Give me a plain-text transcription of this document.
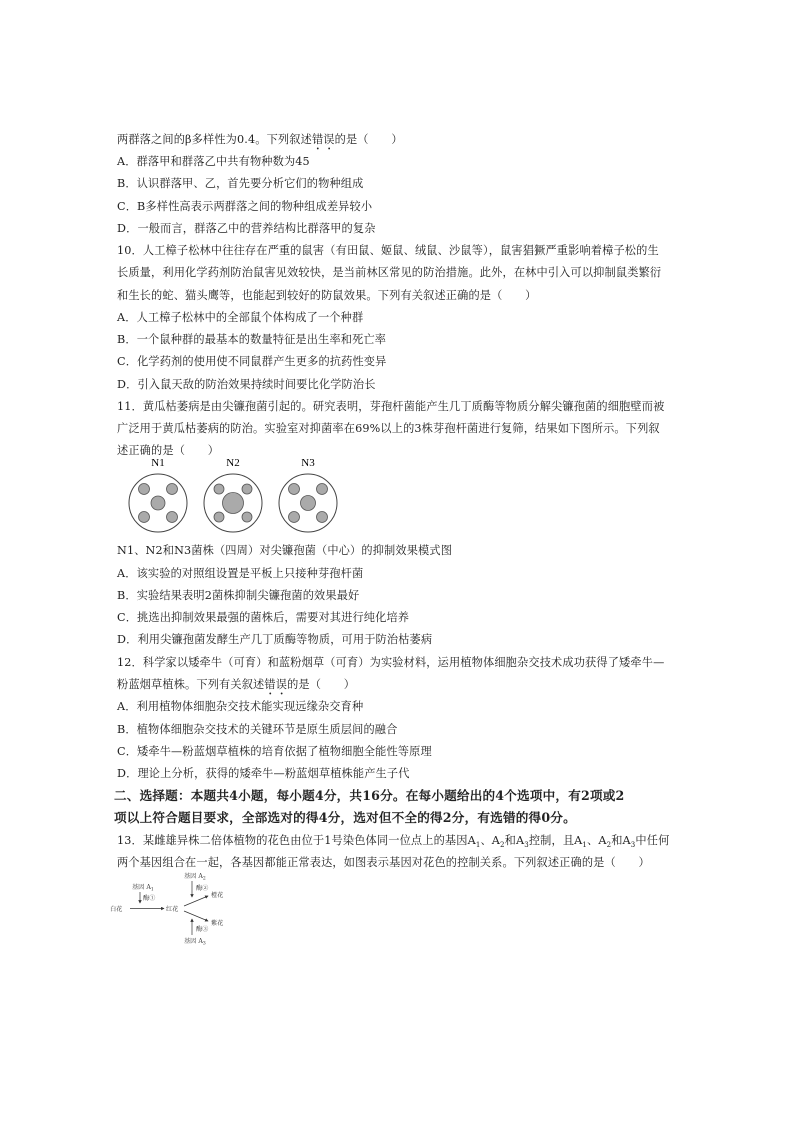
两群落之间的β多样性为0.4。下列叙述错误的是（　　）
A．群落甲和群落乙中共有物种数为45
B．认识群落甲、乙，首先要分析它们的物种组成
C．B多样性高表示两群落之间的物种组成差异较小
D．一般而言，群落乙中的营养结构比群落甲的复杂
10．人工樟子松林中往往存在严重的鼠害（有田鼠、姬鼠、绒鼠、沙鼠等），鼠害猖獗严重影响着樟子松的生
长质量，利用化学药剂防治鼠害见效较快，是当前林区常见的防治措施。此外，在林中引入可以抑制鼠类繁衍
和生长的蛇、猫头鹰等，也能起到较好的防鼠效果。下列有关叙述正确的是（　　）
A．人工樟子松林中的全部鼠个体构成了一个种群
B．一个鼠种群的最基本的数量特征是出生率和死亡率
C．化学药剂的使用使不同鼠群产生更多的抗药性变异
D．引入鼠天敌的防治效果持续时间要比化学防治长
11．黄瓜枯萎病是由尖镰孢菌引起的。研究表明，芽孢杆菌能产生几丁质酶等物质分解尖镰孢菌的细胞壁而被
广泛用于黄瓜枯萎病的防治。实验室对抑菌率在69%以上的3株芽孢杆菌进行复筛，结果如下图所示。下列叙
述正确的是（　　）
N1	N2	N3
N1、N2和N3菌株（四周）对尖镰孢菌（中心）的抑制效果模式图
A．该实验的对照组设置是平板上只接种芽孢杆菌
B．实验结果表明2菌株抑制尖镰孢菌的效果最好
C．挑选出抑制效果最强的菌株后，需要对其进行纯化培养
D．利用尖镰孢菌发酵生产几丁质酶等物质，可用于防治枯萎病
12．科学家以矮牵牛（可育）和蓝粉烟草（可育）为实验材料，运用植物体细胞杂交技术成功获得了矮牵牛—
粉蓝烟草植株。下列有关叙述错误的是（　　）
A．利用植物体细胞杂交技术能实现远缘杂交育种
B．植物体细胞杂交技术的关键环节是原生质层间的融合
C．矮牵牛—粉蓝烟草植株的培育依据了植物细胞全能性等原理
D．理论上分析，获得的矮牵牛—粉蓝烟草植株能产生子代
二、选择题：本题共4小题，每小题4分，共16分。在每小题给出的4个选项中，有2项或2
项以上符合题目要求，全部选对的得4分，选对但不全的得2分，有选错的得0分。
13．某雌雄异株二倍体植物的花色由位于1号染色体同一位点上的基因$A_1$、$A_2$和$A_3$控制，且$A_1$、$A_2$和$A_3$中任何
两个基因组合在一起，各基因都能正常表达，如图表示基因对花色的控制关系。下列叙述正确的是（　　）
白花	红花
基因 $A_1$
酶①	橙花
紫花
基因 $A_2$
酶②
基因 $A_3$
酶③
